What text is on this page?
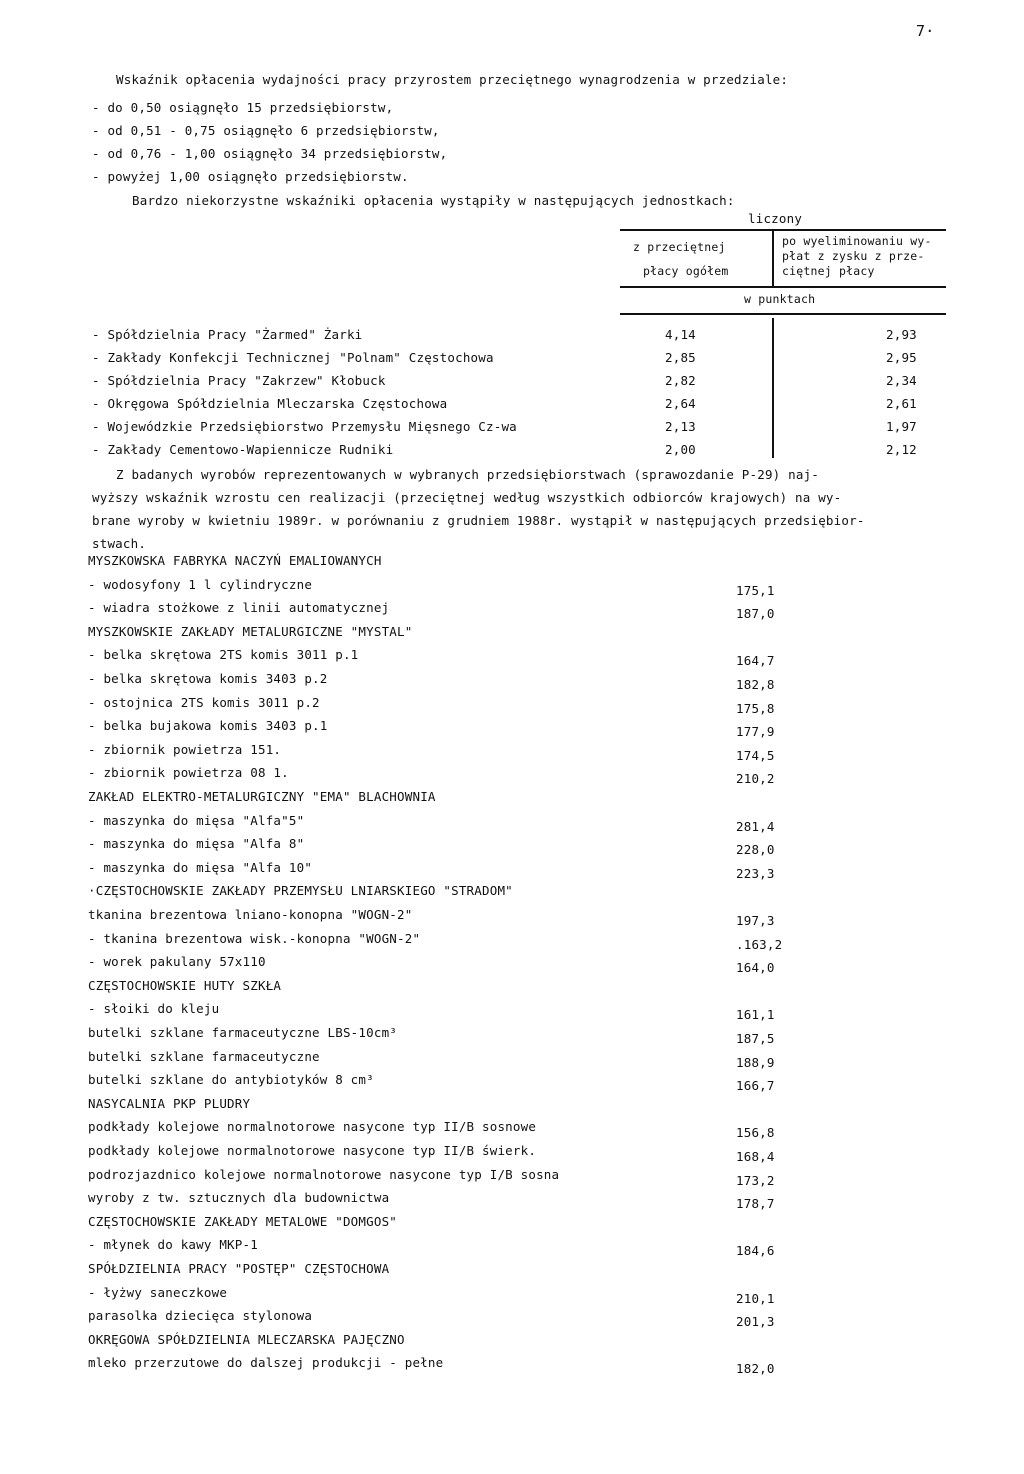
7·
Wskaźnik opłacenia wydajności pracy przyrostem przeciętnego wynagrodzenia w przedziale:
- do 0,50 osiągnęło 15 przedsiębiorstw,
- od 0,51 - 0,75 osiągnęło 6 przedsiębiorstw,
- od 0,76 - 1,00 osiągnęło 34 przedsiębiorstw,
- powyżej 1,00 osiągnęło przedsiębiorstw.
Bardzo niekorzystne wskaźniki opłacenia wystąpiły w następujących jednostkach:
liczony
z przeciętnej
płacy ogółem
po wyeliminowaniu wy-
płat z zysku z prze-
ciętnej płacy
w punktach
- Spółdzielnia Pracy "Żarmed" Żarki	4,14	2,93
- Zakłady Konfekcji Technicznej "Polnam" Częstochowa	2,85	2,95
- Spółdzielnia Pracy "Zakrzew" Kłobuck	2,82	2,34
- Okręgowa Spółdzielnia Mleczarska Częstochowa	2,64	2,61
- Wojewódzkie Przedsiębiorstwo Przemysłu Mięsnego Cz-wa	2,13	1,97
- Zakłady Cementowo-Wapiennicze Rudniki	2,00	2,12
Z badanych wyrobów reprezentowanych w wybranych przedsiębiorstwach (sprawozdanie P-29) naj-
wyższy wskaźnik wzrostu cen realizacji (przeciętnej według wszystkich odbiorców krajowych) na wy-
brane wyroby w kwietniu 1989r. w porównaniu z grudniem 1988r. wystąpił w następujących przedsiębior-
stwach.
MYSZKOWSKA FABRYKA NACZYŃ EMALIOWANYCH
- wodosyfony 1 l cylindryczne	175,1
- wiadra stożkowe z linii automatycznej	187,0
MYSZKOWSKIE ZAKŁADY METALURGICZNE "MYSTAL"
- belka skrętowa 2TS komis 3011 p.1	164,7
- belka skrętowa komis 3403 p.2	182,8
- ostojnica 2TS komis 3011 p.2	175,8
- belka bujakowa komis 3403 p.1	177,9
- zbiornik powietrza 151.	174,5
- zbiornik powietrza 08 1.	210,2
ZAKŁAD ELEKTRO-METALURGICZNY "EMA" BLACHOWNIA
- maszynka do mięsa "Alfa"5"	281,4
- maszynka do mięsa "Alfa 8"	228,0
- maszynka do mięsa "Alfa 10"	223,3
·CZĘSTOCHOWSKIE ZAKŁADY PRZEMYSŁU LNIARSKIEGO "STRADOM"
tkanina brezentowa lniano-konopna "WOGN-2"	197,3
- tkanina brezentowa wisk.-konopna "WOGN-2"	.163,2
- worek pakulany 57x110	164,0
CZĘSTOCHOWSKIE HUTY SZKŁA
- słoiki do kleju	161,1
butelki szklane farmaceutyczne LBS-10cm³	187,5
butelki szklane farmaceutyczne	188,9
butelki szklane do antybiotyków 8 cm³	166,7
NASYCALNIA PKP PLUDRY
podkłady kolejowe normalnotorowe nasycone typ II/B sosnowe	156,8
podkłady kolejowe normalnotorowe nasycone typ II/B świerk.	168,4
podrozjazdnico kolejowe normalnotorowe nasycone typ I/B sosna	173,2
wyroby z tw. sztucznych dla budownictwa	178,7
CZĘSTOCHOWSKIE ZAKŁADY METALOWE "DOMGOS"
- młynek do kawy MKP-1	184,6
SPÓŁDZIELNIA PRACY "POSTĘP" CZĘSTOCHOWA
- łyżwy saneczkowe	210,1
parasolka dziecięca stylonowa	201,3
OKRĘGOWA SPÓŁDZIELNIA MLECZARSKA PAJĘCZNO
mleko przerzutowe do dalszej produkcji - pełne	182,0
